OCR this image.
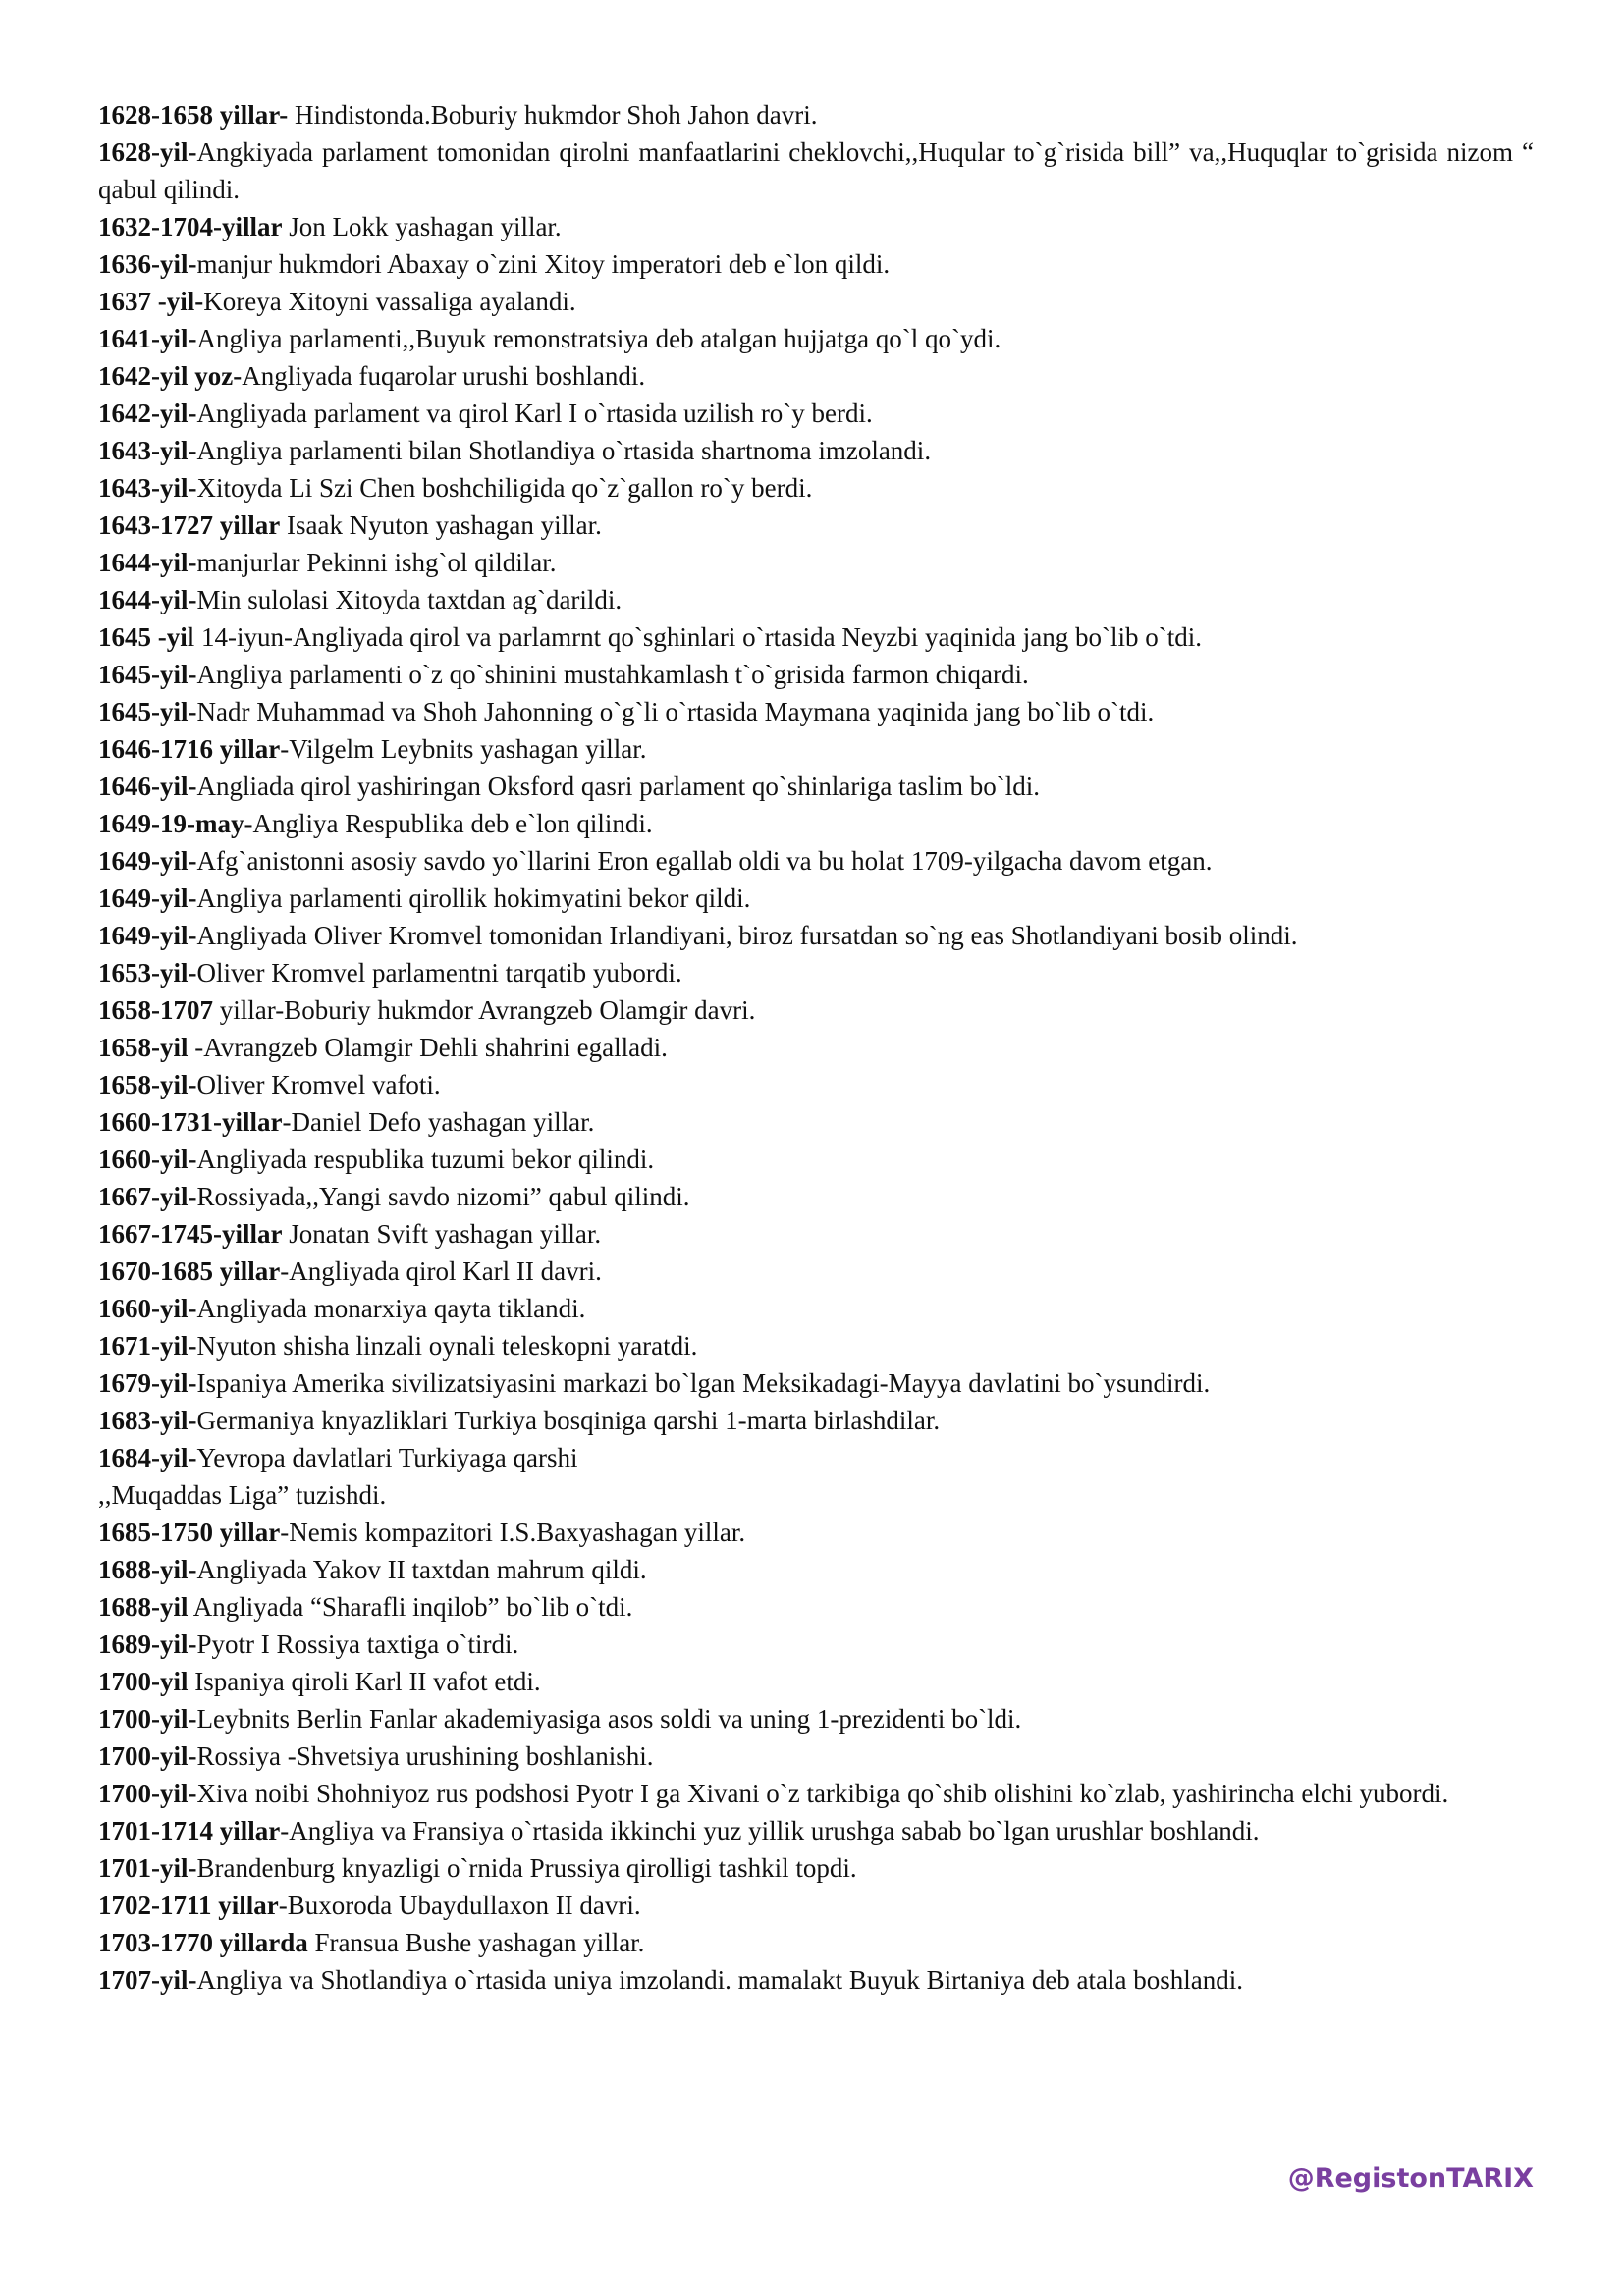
1628-1658 yillar- Hindistonda.Boburiy hukmdor Shoh Jahon davri.

1628-yil-Angkiyada parlament tomonidan qirolni manfaatlarini cheklovchi,,Huqular to`g`risida bill” va,,Huquqlar to`grisida nizom “ qabul qilindi.

1632-1704-yillar Jon Lokk yashagan yillar.

1636-yil-manjur hukmdori Abaxay o`zini Xitoy imperatori deb e`lon qildi.

1637 -yil-Koreya Xitoyni vassaliga ayalandi.

1641-yil-Angliya parlamenti,,Buyuk remonstratsiya deb atalgan hujjatga qo`l qo`ydi.

1642-yil yoz-Angliyada fuqarolar urushi boshlandi.

1642-yil-Angliyada parlament va qirol Karl I o`rtasida uzilish ro`y berdi.

1643-yil-Angliya parlamenti bilan Shotlandiya o`rtasida shartnoma imzolandi.

1643-yil-Xitoyda Li Szi Chen boshchiligida qo`z`gallon ro`y berdi.

1643-1727 yillar Isaak Nyuton yashagan yillar.

1644-yil-manjurlar Pekinni ishg`ol qildilar.

1644-yil-Min sulolasi Xitoyda taxtdan ag`darildi.

1645 -yil 14-iyun-Angliyada qirol va parlamrnt qo`sghinlari o`rtasida Neyzbi yaqinida jang bo`lib o`tdi.

1645-yil-Angliya parlamenti o`z qo`shinini mustahkamlash t`o`grisida farmon chiqardi.

1645-yil-Nadr Muhammad va Shoh Jahonning o`g`li o`rtasida Maymana yaqinida jang bo`lib o`tdi.

1646-1716 yillar-Vilgelm Leybnits yashagan yillar.

1646-yil-Angliada qirol yashiringan Oksford qasri parlament qo`shinlariga taslim bo`ldi.

1649-19-may-Angliya Respublika deb e`lon qilindi.

1649-yil-Afg`anistonni asosiy savdo yo`llarini Eron egallab oldi va bu holat 1709-yilgacha davom etgan.

1649-yil-Angliya parlamenti qirollik hokimyatini bekor qildi.

1649-yil-Angliyada Oliver Kromvel tomonidan Irlandiyani, biroz fursatdan so`ng eas Shotlandiyani bosib olindi.

1653-yil-Oliver Kromvel parlamentni tarqatib yubordi.

1658-1707 yillar-Boburiy hukmdor Avrangzeb Olamgir davri.

1658-yil -Avrangzeb Olamgir Dehli shahrini egalladi.

1658-yil-Oliver Kromvel vafoti.

1660-1731-yillar-Daniel Defo yashagan yillar.

1660-yil-Angliyada respublika tuzumi bekor qilindi.

1667-yil-Rossiyada,,Yangi savdo nizomi” qabul qilindi.

1667-1745-yillar Jonatan Svift yashagan yillar.

1670-1685 yillar-Angliyada qirol Karl II davri.

1660-yil-Angliyada monarxiya qayta tiklandi.

1671-yil-Nyuton shisha linzali oynali teleskopni yaratdi.

1679-yil-Ispaniya Amerika sivilizatsiyasini markazi bo`lgan Meksikadagi-Mayya davlatini bo`ysundirdi.

1683-yil-Germaniya knyazliklari Turkiya bosqiniga qarshi 1-marta birlashdilar.

1684-yil-Yevropa davlatlari Turkiyaga qarshi

,,Muqaddas Liga” tuzishdi.

1685-1750 yillar-Nemis kompazitori I.S.Baxyashagan yillar.

1688-yil-Angliyada Yakov II taxtdan mahrum qildi.

1688-yil Angliyada “Sharafli inqilob” bo`lib o`tdi.

1689-yil-Pyotr I Rossiya taxtiga o`tirdi.

1700-yil Ispaniya qiroli Karl II vafot etdi.

1700-yil-Leybnits Berlin Fanlar akademiyasiga asos soldi va uning 1-prezidenti bo`ldi.

1700-yil-Rossiya -Shvetsiya urushining boshlanishi.

1700-yil-Xiva noibi Shohniyoz rus podshosi Pyotr I ga Xivani o`z tarkibiga qo`shib olishini ko`zlab, yashirincha elchi yubordi.

1701-1714 yillar-Angliya va Fransiya o`rtasida ikkinchi yuz yillik urushga sabab bo`lgan urushlar boshlandi.

1701-yil-Brandenburg knyazligi o`rnida Prussiya qirolligi tashkil topdi.

1702-1711 yillar-Buxoroda Ubaydullaxon II davri.

1703-1770 yillarda Fransua Bushe yashagan yillar.

1707-yil-Angliya va Shotlandiya o`rtasida uniya imzolandi. mamalakt Buyuk Birtaniya deb atala boshlandi.

@RegistonTARIX
